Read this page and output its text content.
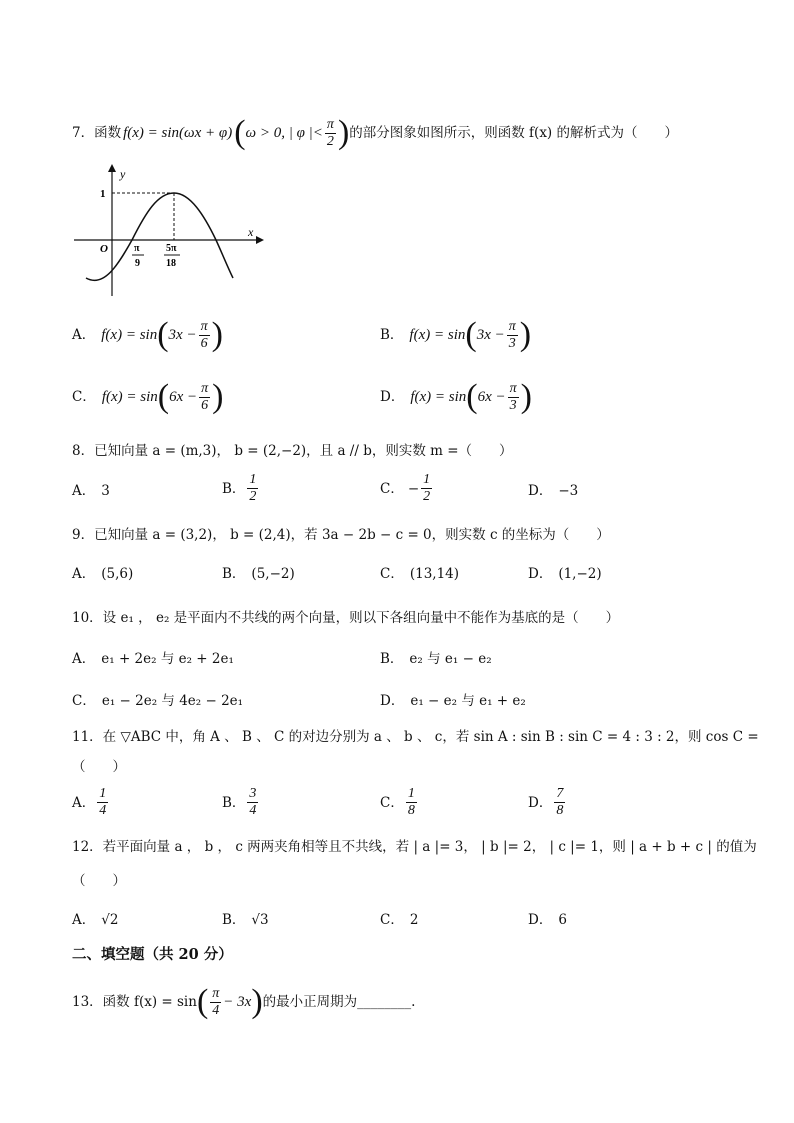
7．函数 f(x) = sin(ωx + φ) ( ω > 0, | φ |< $\frac{\pi}{2}$ ) 的部分图象如图所示，则函数 f(x) 的解析式为（　　）
y
x
1
O	π
9
5π
18
A． f(x) = sin ( $3x - \frac{\pi}{6}$ )	B． f(x) = sin ( $3x - \frac{\pi}{3}$ )
C． f(x) = sin ( $6x - \frac{\pi}{6}$ )	D． f(x) = sin ( $6x - \frac{\pi}{3}$ )
8．已知向量 a = (m,3)， b = (2,−2)，且 a // b，则实数 m =（　　）
A． 3	B． $\frac{1}{2}$	C． − $\frac{1}{2}$	D． −3
9．已知向量 a = (3,2)， b = (2,4)，若 3a − 2b − c = 0，则实数 c 的坐标为（　　）
A． (5,6)	B． (5,−2)	C． (13,14)	D． (1,−2)
10．设 e₁ ， e₂ 是平面内不共线的两个向量，则以下各组向量中不能作为基底的是（　　）
A． e₁ + 2e₂ 与 e₂ + 2e₁	B． e₂ 与 e₁ − e₂
C． e₁ − 2e₂ 与 4e₂ − 2e₁	D． e₁ − e₂ 与 e₁ + e₂
11．在 ▽ABC 中，角 A 、 B 、 C 的对边分别为 a 、 b 、 c，若 sin A : sin B : sin C = 4 : 3 : 2，则 cos C =
（　　）
A． $\frac{1}{4}$	B． $\frac{3}{4}$	C． $\frac{1}{8}$	D． $\frac{7}{8}$
12．若平面向量 a ， b ， c 两两夹角相等且不共线，若 | a |= 3， | b |= 2， | c |= 1，则 | a + b + c | 的值为
（　　）
A． √2	B． √3	C． 2	D． 6
二、填空题（共 20 分）
13．函数 f(x) = sin ( $\frac{\pi}{4} - 3x$ ) 的最小正周期为________.
